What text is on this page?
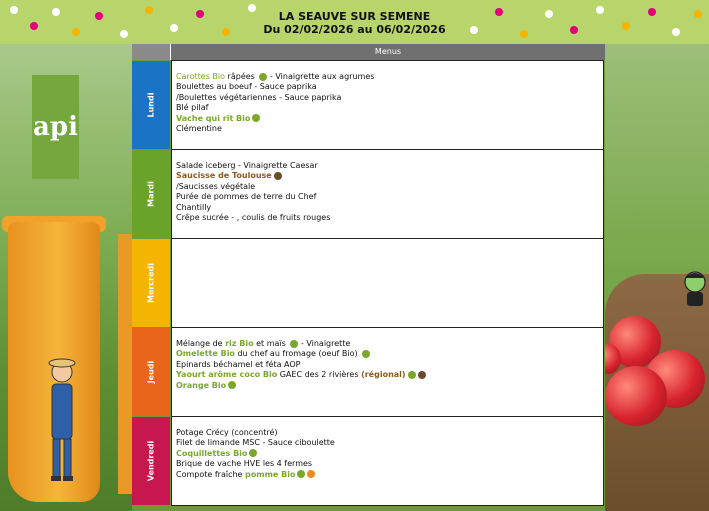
LA SEAUVE SUR SEMENE
Du 02/02/2026 au 06/02/2026
api
Menus
Lundi
Mardi
Mercredi
Jeudi
Vendredi

Carottes Bio râpées  - Vinaigrette aux agrumes

Boulettes au boeuf - Sauce paprika

/Boulettes végétariennes - Sauce paprika

Blé pilaf

Vache qui rit Bio

Clémentine

Salade iceberg - Vinaigrette Caesar

Saucisse de Toulouse

/Saucisses végétale

Purée de pommes de terre du Chef

Chantilly

Crêpe sucrée - , coulis de fruits rouges

Mélange de riz Bio et maïs  - Vinaigrette

Omelette Bio du chef au fromage (oeuf Bio)

Epinards béchamel et féta AOP

Yaourt arôme coco Bio GAEC des 2 rivières (régional)

Orange Bio

Potage Crécy (concentré)

Filet de limande MSC - Sauce ciboulette

Coquillettes Bio

Brique de vache HVE les 4 fermes

Compote fraîche pomme Bio
